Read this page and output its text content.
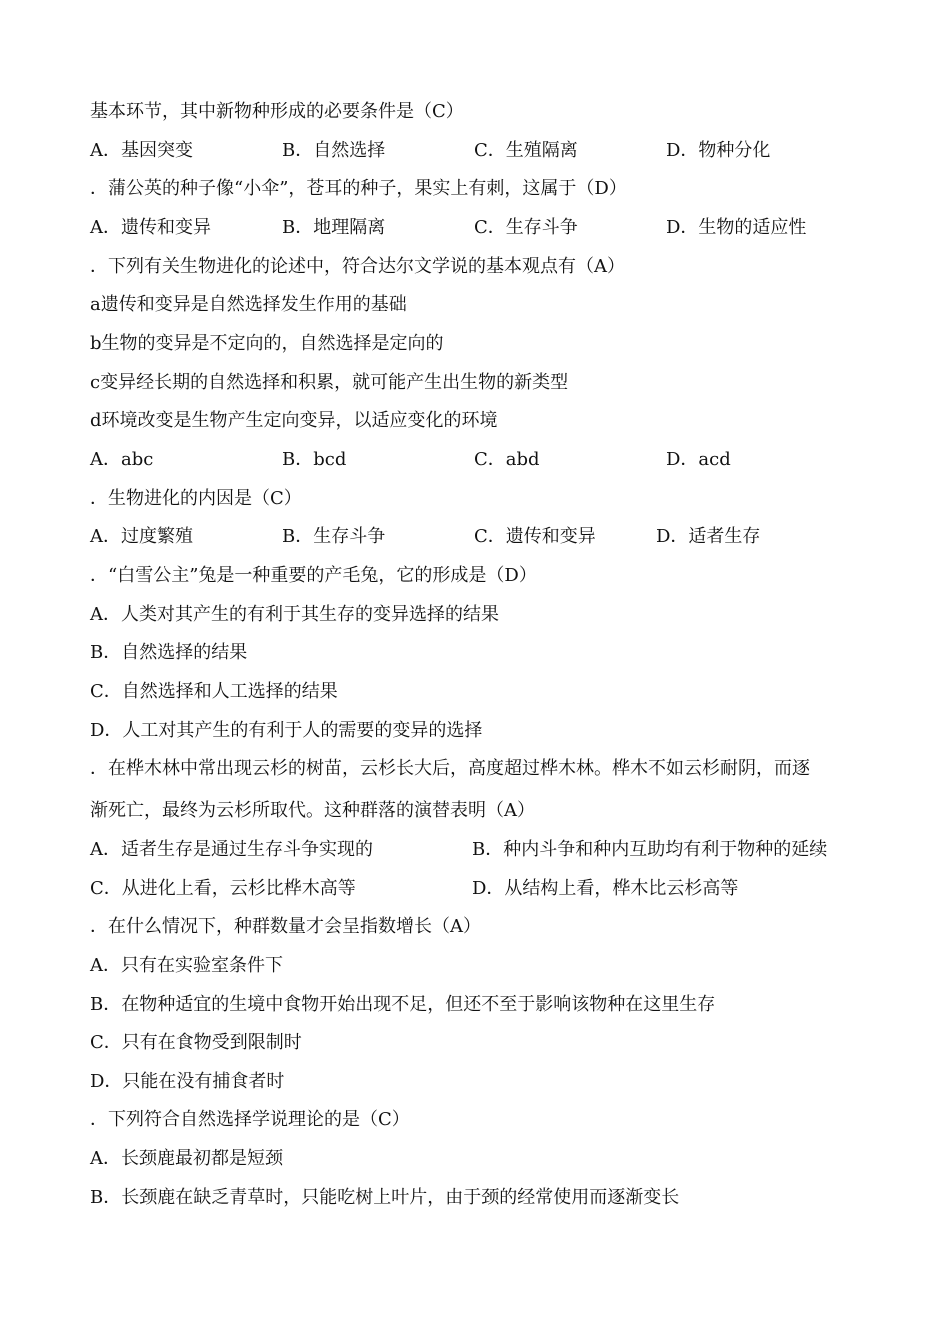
基本环节，其中新物种形成的必要条件是（C）
A．基因突变	B．自然选择	C．生殖隔离	D．物种分化
．蒲公英的种子像“小伞”，苍耳的种子，果实上有刺，这属于（D）
A．遗传和变异	B．地理隔离	C．生存斗争	D．生物的适应性
．下列有关生物进化的论述中，符合达尔文学说的基本观点有（A）
a遗传和变异是自然选择发生作用的基础
b生物的变异是不定向的，自然选择是定向的
c变异经长期的自然选择和积累，就可能产生出生物的新类型
d环境改变是生物产生定向变异，以适应变化的环境
A．abc	B．bcd	C．abd	D．acd
．生物进化的内因是（C）
A．过度繁殖	B．生存斗争	C．遗传和变异	D．适者生存
．“白雪公主”兔是一种重要的产毛兔，它的形成是（D）
A．人类对其产生的有利于其生存的变异选择的结果
B．自然选择的结果
C．自然选择和人工选择的结果
D．人工对其产生的有利于人的需要的变异的选择
．在桦木林中常出现云杉的树苗，云杉长大后，高度超过桦木林。桦木不如云杉耐阴，而逐
渐死亡，最终为云杉所取代。这种群落的演替表明（A）
A．适者生存是通过生存斗争实现的	B．种内斗争和种内互助均有利于物种的延续
C．从进化上看，云杉比桦木高等	D．从结构上看，桦木比云杉高等
．在什么情况下，种群数量才会呈指数增长（A）
A．只有在实验室条件下
B．在物种适宜的生境中食物开始出现不足，但还不至于影响该物种在这里生存
C．只有在食物受到限制时
D．只能在没有捕食者时
．下列符合自然选择学说理论的是（C）
A．长颈鹿最初都是短颈
B．长颈鹿在缺乏青草时，只能吃树上叶片，由于颈的经常使用而逐渐变长
